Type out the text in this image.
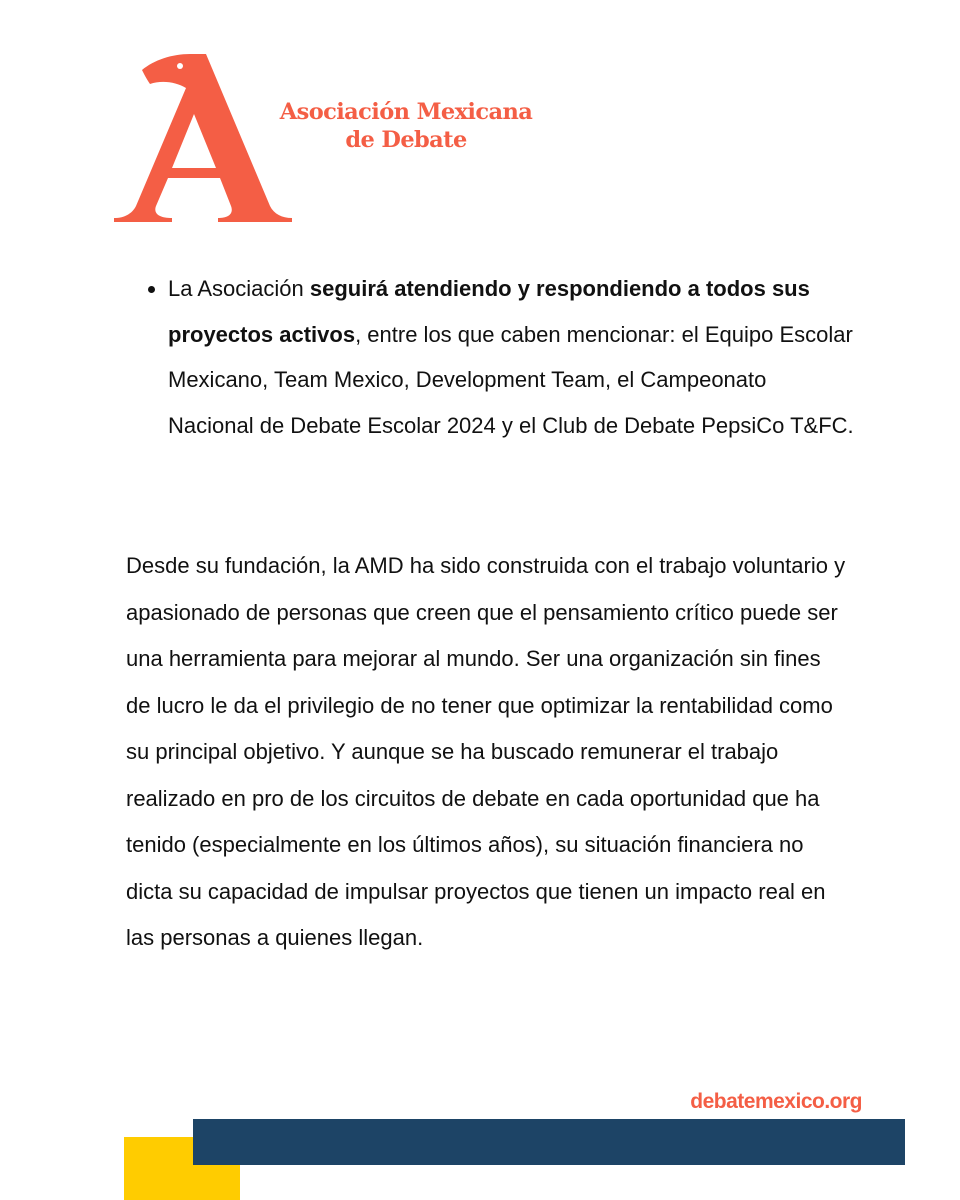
Asociación Mexicana
de Debate
• La Asociación seguirá atendiendo y respondiendo a todos sus proyectos activos, entre los que caben mencionar: el Equipo Escolar Mexicano, Team Mexico, Development Team, el Campeonato Nacional de Debate Escolar 2024 y el Club de Debate PepsiCo T&FC.

Desde su fundación, la AMD ha sido construida con el trabajo voluntario y apasionado de personas que creen que el pensamiento crítico puede ser una herramienta para mejorar al mundo. Ser una organización sin fines de lucro le da el privilegio de no tener que optimizar la rentabilidad como su principal objetivo. Y aunque se ha buscado remunerar el trabajo realizado en pro de los circuitos de debate en cada oportunidad que ha tenido (especialmente en los últimos años), su situación financiera no dicta su capacidad de impulsar proyectos que tienen un impacto real en las personas a quienes llegan.

debatemexico.org
